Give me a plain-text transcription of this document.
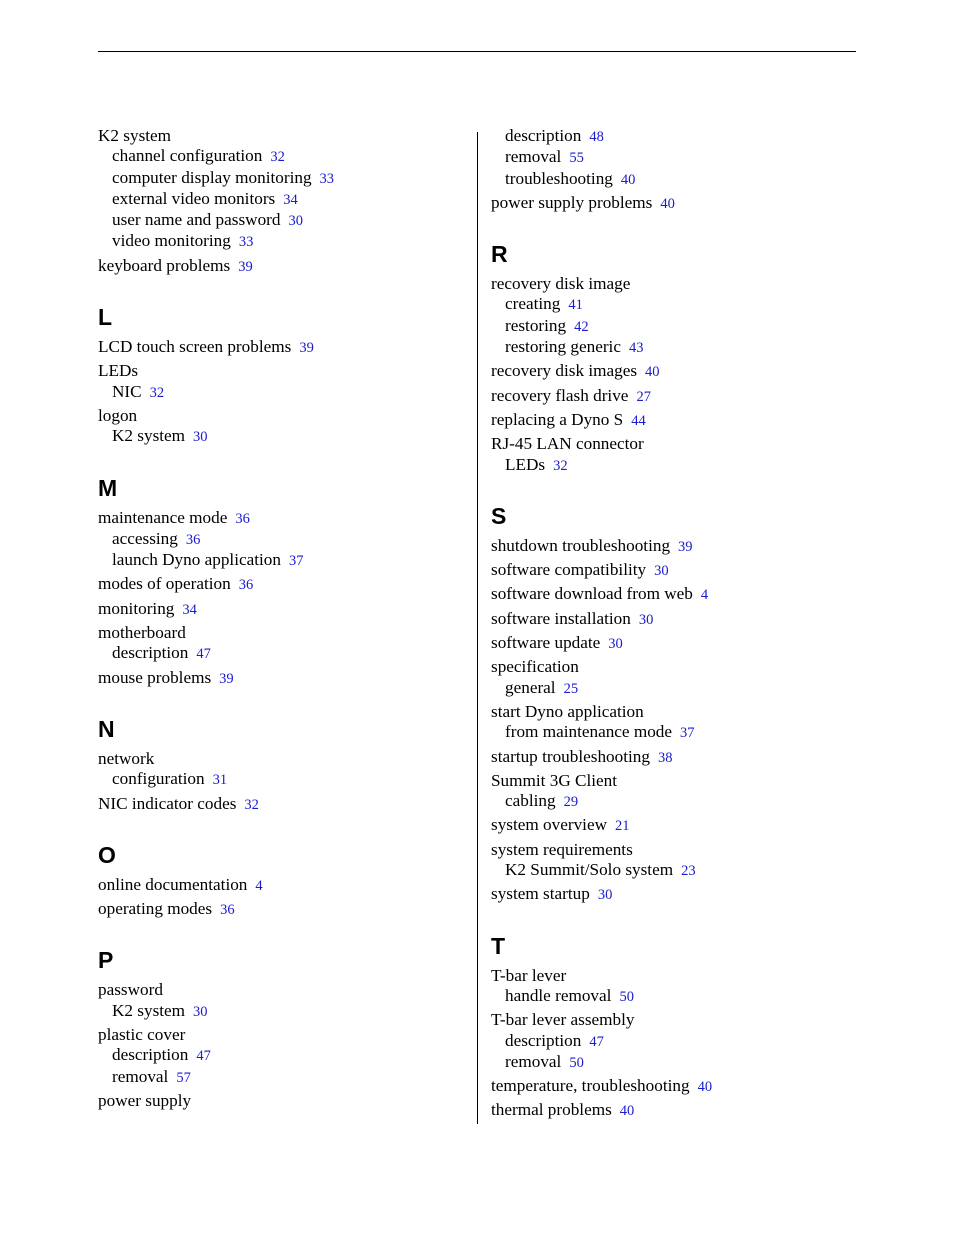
K2 system
channel configuration 32
computer display monitoring 33
external video monitors 34
user name and password 30
video monitoring 33
keyboard problems 39
L
LCD touch screen problems 39
LEDs
NIC 32
logon
K2 system 30
M
maintenance mode 36
accessing 36
launch Dyno application 37
modes of operation 36
monitoring 34
motherboard
description 47
mouse problems 39
N
network
configuration 31
NIC indicator codes 32
O
online documentation 4
operating modes 36
P
password
K2 system 30
plastic cover
description 47
removal 57
power supply
description 48
removal 55
troubleshooting 40
power supply problems 40
R
recovery disk image
creating 41
restoring 42
restoring generic 43
recovery disk images 40
recovery flash drive 27
replacing a Dyno S 44
RJ-45 LAN connector
LEDs 32
S
shutdown troubleshooting 39
software compatibility 30
software download from web 4
software installation 30
software update 30
specification
general 25
start Dyno application
from maintenance mode 37
startup troubleshooting 38
Summit 3G Client
cabling 29
system overview 21
system requirements
K2 Summit/Solo system 23
system startup 30
T
T-bar lever
handle removal 50
T-bar lever assembly
description 47
removal 50
temperature, troubleshooting 40
thermal problems 40
